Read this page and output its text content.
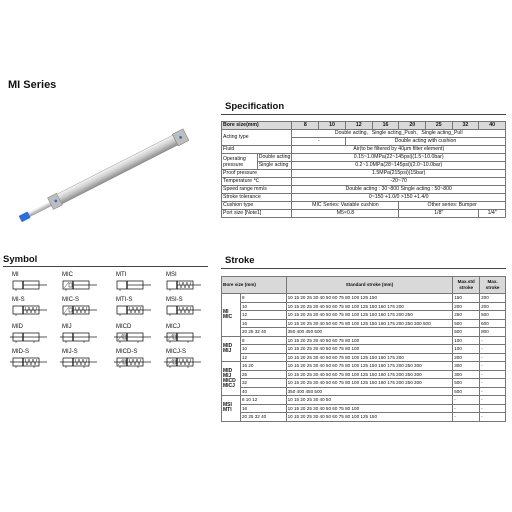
MI Series
Specification
Bore size(mm)		8	10	12	16	20	25	32	40
Acting type		Double acting、Single acting_Push、Single acting_Pull							
		-		Double acting with cushion					
Fluid		Air(to be filtered by 40μm filter element)							
Operating pressure	Double acting	0.15~1.0MPa(22~145psi)(1.5~10.0bar)							
	Single acting	0.2~1.0MPa(28~145psi)(2.0~10.0bar)							
Proof pressure		1.5MPa(215psi)(15bar)							
Temperature ℃		-20~70							
Speed range mm/s		Double acting : 30~800 Single acting : 50~800							
Stroke tolerance		0~150 +1.0/0 >150 +1.4/0							
Cushion type		MIC Series: Variable cushion				Other series: Bumper			
Port size [Note1]		M5×0.8				1/8"			1/4"
Symbol
MI	MIC	MTI	MSI
MI-S	MIC-S	MTI-S	MSI-S
MID	MIJ	MICD	MICJ
MID-S	MIJ-S	MICD-S	MICJ-S
Stroke
Bore size (mm)		Standard stroke (mm)	Max.std stroke	Max. stroke
MI
MIC	8	10 15 20 25 30 40 50 60 75 80 100 125 150	150	200
	10	10 15 20 25 30 40 50 60 75 80 100 125 150 160 175 200	200	200
	12	10 15 20 25 30 40 50 60 75 80 100 125 150 160 175 200 250	250	500
	16	10 15 20 25 30 40 50 60 75 80 100 125 150 160 175 200 250 300 500	500	600
	20 25 32 40	350 400 450 500	500	800
MID
MIJ	8	10 15 20 25 30 40 50 60 75 80 100	100	-
	10	10 15 20 25 30 40 50 60 75 80 100	100	-
	12	10 15 20 25 30 40 50 60 75 80 100 125 150 160 175 200	200	-
MID
MIJ
MICD
MICJ	16 20	10 15 20 25 30 40 50 60 75 80 100 125 150 160 175 200 250 300	300	-
	25	10 15 20 25 30 40 50 60 75 80 100 125 150 160 175 200 250 300	300	-
	32	10 15 20 25 30 40 50 60 75 80 100 125 150 160 175 200 250 300	500	-
	40	350 400 450 500	500	-
MSI
MTI	8 10 12	10 15 20 25 30 40 50	-	-
	16	10 15 20 25 30 40 50 60 75 80 100	-	-
	20 25 32 40	10 15 20 25 30 40 50 60 75 80 100 125 150	-	-
